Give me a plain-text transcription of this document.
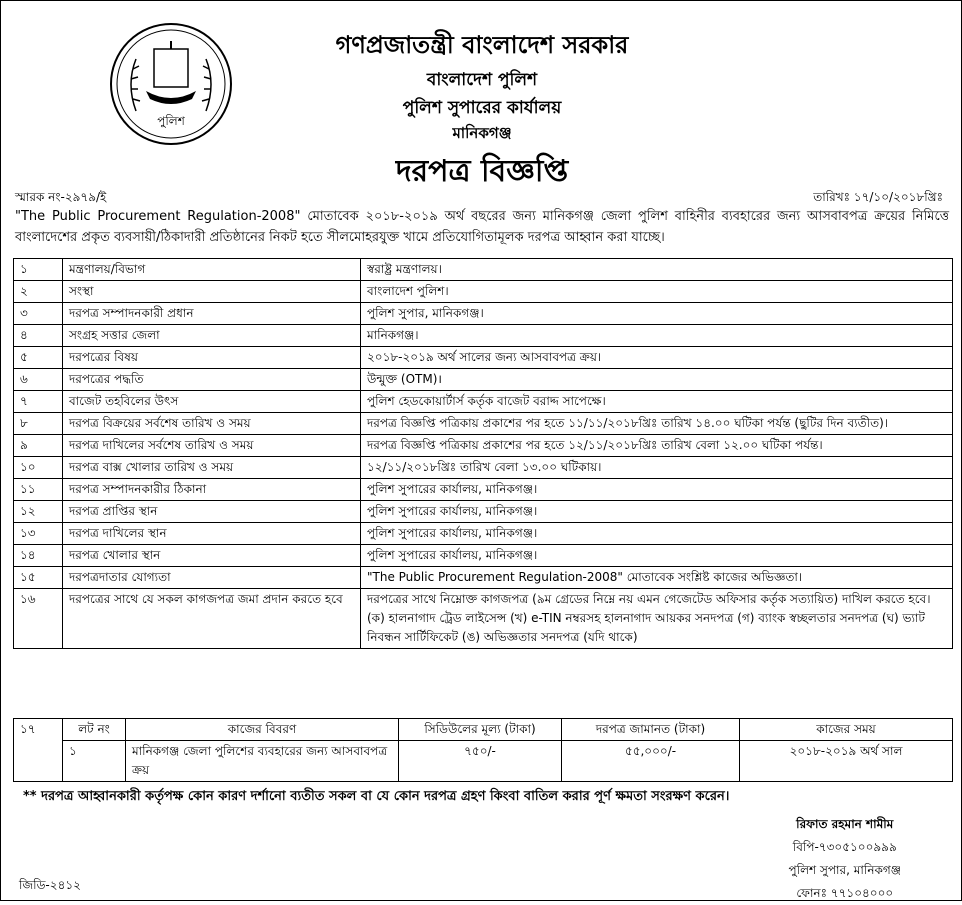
পুলিশ
গণপ্রজাতন্ত্রী বাংলাদেশ সরকার
বাংলাদেশ পুলিশ
পুলিশ সুপারের কার্যালয়
মানিকগঞ্জ
দরপত্র বিজ্ঞপ্তি
স্মারক নং-২৯৭৯/ই	তারিখঃ ১৭/১০/২০১৮খ্রিঃ
"The Public Procurement Regulation-2008" মোতাবেক ২০১৮-২০১৯ অর্থ বছরের জন্য মানিকগঞ্জ জেলা পুলিশ বাহিনীর ব্যবহারের জন্য আসবাবপত্র ক্রয়ের নিমিত্তে বাংলাদেশের প্রকৃত ব্যবসায়ী/ঠিকাদারী প্রতিষ্ঠানের নিকট হতে সীলমোহরযুক্ত খামে প্রতিযোগিতামূলক দরপত্র আহ্বান করা যাচ্ছে।
১	মন্ত্রণালয়/বিভাগ	স্বরাষ্ট্র মন্ত্রণালয়।
২	সংস্থা	বাংলাদেশ পুলিশ।
৩	দরপত্র সম্পাদনকারী প্রধান	পুলিশ সুপার, মানিকগঞ্জ।
৪	সংগ্রহ সত্তার জেলা	মানিকগঞ্জ।
৫	দরপত্রের বিষয়	২০১৮-২০১৯ অর্থ সালের জন্য আসবাবপত্র ক্রয়।
৬	দরপত্রের পদ্ধতি	উন্মুক্ত (OTM)।
৭	বাজেট তহবিলের উৎস	পুলিশ হেডকোয়ার্টার্স কর্তৃক বাজেট বরাদ্দ সাপেক্ষে।
৮	দরপত্র বিক্রয়ের সর্বশেষ তারিখ ও সময়	দরপত্র বিজ্ঞপ্তি পত্রিকায় প্রকাশের পর হতে ১১/১১/২০১৮খ্রিঃ তারিখ ১৪.০০ ঘটিকা পর্যন্ত (ছুটির দিন ব্যতীত)।
৯	দরপত্র দাখিলের সর্বশেষ তারিখ ও সময়	দরপত্র বিজ্ঞপ্তি পত্রিকায় প্রকাশের পর হতে ১২/১১/২০১৮খ্রিঃ তারিখ বেলা ১২.০০ ঘটিকা পর্যন্ত।
১০	দরপত্র বাক্স খোলার তারিখ ও সময়	১২/১১/২০১৮খ্রিঃ তারিখ বেলা ১৩.০০ ঘটিকায়।
১১	দরপত্র সম্পাদনকারীর ঠিকানা	পুলিশ সুপারের কার্যালয়, মানিকগঞ্জ।
১২	দরপত্র প্রাপ্তির স্থান	পুলিশ সুপারের কার্যালয়, মানিকগঞ্জ।
১৩	দরপত্র দাখিলের স্থান	পুলিশ সুপারের কার্যালয়, মানিকগঞ্জ।
১৪	দরপত্র খোলার স্থান	পুলিশ সুপারের কার্যালয়, মানিকগঞ্জ।
১৫	দরপত্রদাতার যোগ্যতা	"The Public Procurement Regulation-2008" মোতাবেক সংশ্লিষ্ট কাজের অভিজ্ঞতা।
১৬	দরপত্রের সাথে যে সকল কাগজপত্র জমা প্রদান করতে হবে	দরপত্রের সাথে নিম্নোক্ত কাগজপত্র (৯ম গ্রেডের নিম্নে নয় এমন গেজেটেড অফিসার কর্তৃক সত্যায়িত) দাখিল করতে হবে। (ক) হালনাগাদ ট্রেড লাইসেন্স (খ) e-TIN নম্বরসহ হালনাগাদ আয়কর সনদপত্র (গ) ব্যাংক স্বচ্ছলতার সনদপত্র (ঘ) ভ্যাট নিবন্ধন সার্টিফিকেট (ঙ) অভিজ্ঞতার সনদপত্র (যদি থাকে)
১৭	লট নং	কাজের বিবরণ	সিডিউলের মূল্য (টাকা)	দরপত্র জামানত (টাকা)	কাজের সময়
	১	মানিকগঞ্জ জেলা পুলিশের ব্যবহারের জন্য আসবাবপত্র ক্রয়	৭৫০/-	৫৫,০০০/-	২০১৮-২০১৯ অর্থ সাল
** দরপত্র আহ্বানকারী কর্তৃপক্ষ কোন কারণ দর্শানো ব্যতীত সকল বা যে কোন দরপত্র গ্রহণ কিংবা বাতিল করার পূর্ণ ক্ষমতা সংরক্ষণ করেন।
রিফাত রহমান শামীম
বিপি-৭৩০৫১০০৯৯৯
পুলিশ সুপার, মানিকগঞ্জ
ফোনঃ ৭৭১০৪০০০
জিডি-২৪১২
